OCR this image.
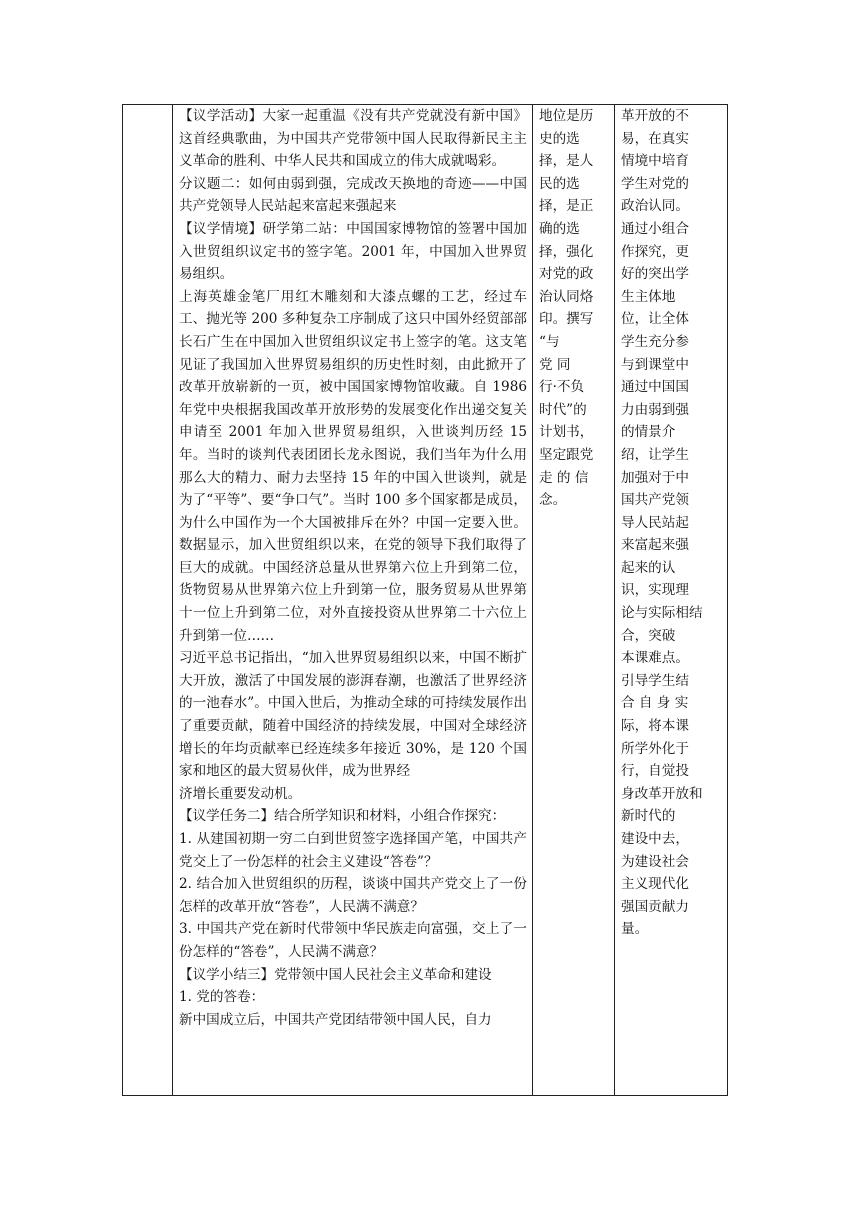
【议学活动】大家一起重温《没有共产党就没有新中国》这首经典歌曲，为中国共产党带领中国人民取得新民主主义革命的胜利、中华人民共和国成立的伟大成就喝彩。

分议题二：如何由弱到强，完成改天换地的奇迹——中国共产党领导人民站起来富起来强起来

【议学情境】研学第二站：中国国家博物馆的签署中国加入世贸组织议定书的签字笔。2001 年，中国加入世界贸易组织。

上海英雄金笔厂用红木雕刻和大漆点螺的工艺，经过车工、抛光等 200 多种复杂工序制成了这只中国外经贸部部长石广生在中国加入世贸组织议定书上签字的笔。这支笔见证了我国加入世界贸易组织的历史性时刻，由此掀开了改革开放崭新的一页，被中国国家博物馆收藏。自 1986 年党中央根据我国改革开放形势的发展变化作出递交复关申请至 2001 年加入世界贸易组织，入世谈判历经 15 年。当时的谈判代表团团长龙永图说，我们当年为什么用那么大的精力、耐力去坚持 15 年的中国入世谈判，就是为了“平等”、要“争口气”。当时 100 多个国家都是成员，为什么中国作为一个大国被排斥在外？中国一定要入世。数据显示，加入世贸组织以来，在党的领导下我们取得了巨大的成就。中国经济总量从世界第六位上升到第二位，货物贸易从世界第六位上升到第一位，服务贸易从世界第十一位上升到第二位，对外直接投资从世界第二十六位上升到第一位……

习近平总书记指出，“加入世界贸易组织以来，中国不断扩大开放，激活了中国发展的澎湃春潮，也激活了世界经济的一池春水”。中国入世后，为推动全球的可持续发展作出了重要贡献，随着中国经济的持续发展，中国对全球经济增长的年均贡献率已经连续多年接近 30%，是 120 个国家和地区的最大贸易伙伴，成为世界经

济增长重要发动机。

【议学任务二】结合所学知识和材料，小组合作探究：

1. 从建国初期一穷二白到世贸签字选择国产笔，中国共产党交上了一份怎样的社会主义建设“答卷”？

2. 结合加入世贸组织的历程，谈谈中国共产党交上了一份怎样的改革开放“答卷”，人民满不满意？

3. 中国共产党在新时代带领中华民族走向富强，交上了一份怎样的“答卷”，人民满不满意？

【议学小结三】党带领中国人民社会主义革命和建设

1. 党的答卷：

新中国成立后，中国共产党团结带领中国人民，自力

地位是历
史的选
择，是人
民的选
择，是正
确的选
择，强化
对党的政
治认同烙
印。撰写
“与
党 同
行·不负
时代”的
计划书，
坚定跟党
走 的 信
念。

革开放的不
易，在真实
情境中培育
学生对党的
政治认同。
通过小组合
作探究，更
好的突出学
生主体地
位，让全体
学生充分参
与到课堂中
通过中国国
力由弱到强
的情景介
绍，让学生
加强对于中
国共产党领
导人民站起
来富起来强
起来的认
识，实现理
论与实际相结
合，突破
本课难点。
引导学生结
合 自 身 实
际，将本课
所学外化于
行，自觉投
身改革开放和
新时代的
建设中去，
为建设社会
主义现代化
强国贡献力
量。
